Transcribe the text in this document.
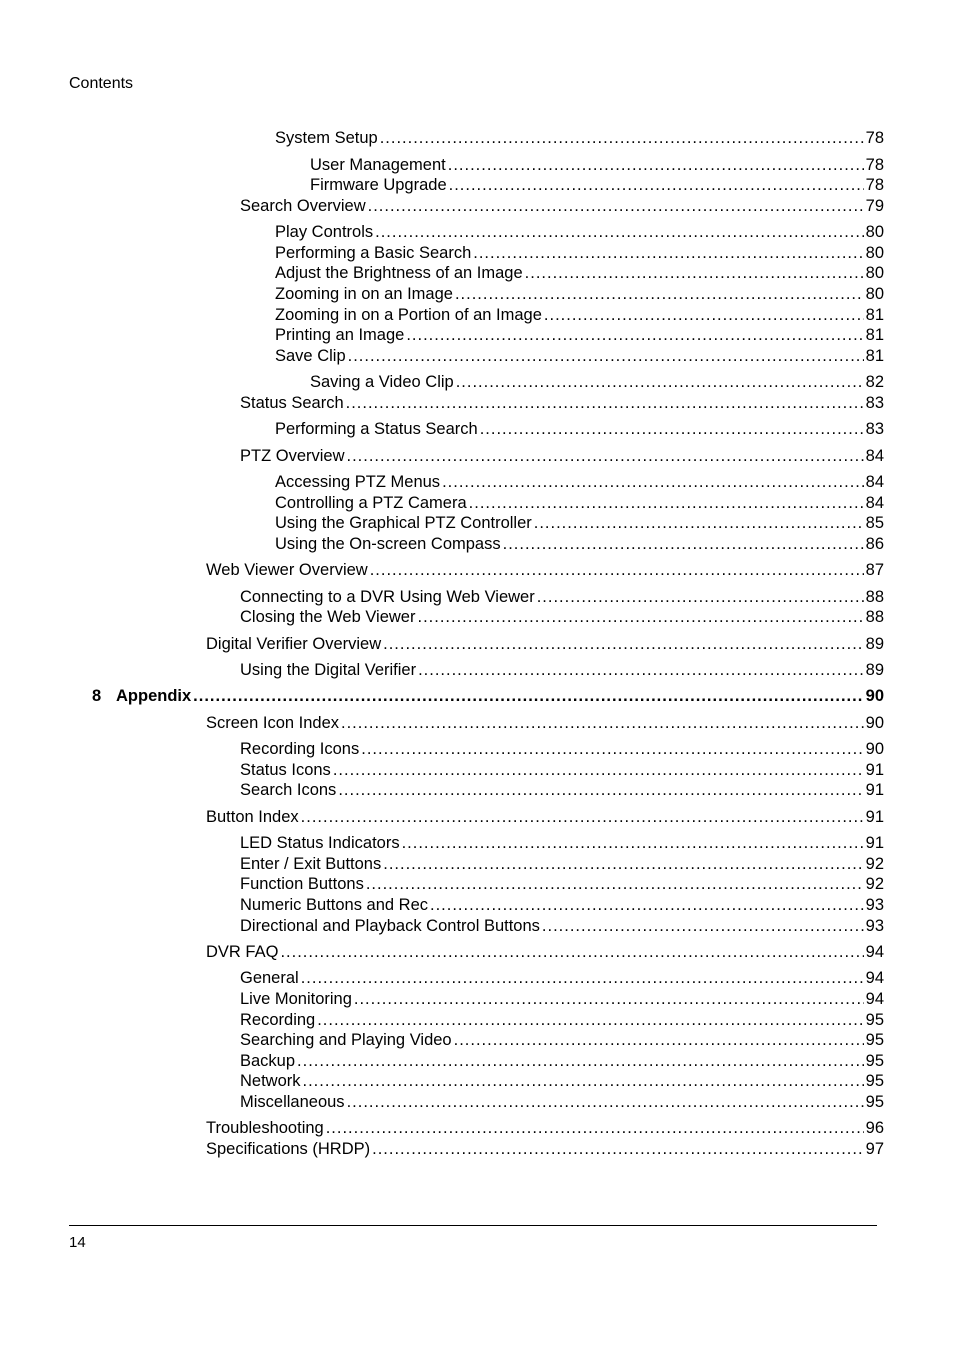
Contents
System Setup .....	78
User Management .....	78
Firmware Upgrade .....	78
Search Overview .....	79
Play Controls .....	80
Performing a Basic Search .....	80
Adjust the Brightness of an Image .....	80
Zooming in on an Image .....	80
Zooming in on a Portion of an Image .....	81
Printing an Image .....	81
Save Clip .....	81
Saving a Video Clip .....	82
Status Search .....	83
Performing a Status Search .....	83
PTZ Overview .....	84
Accessing PTZ Menus .....	84
Controlling a PTZ Camera .....	84
Using the Graphical PTZ Controller .....	85
Using the On-screen Compass .....	86
Web Viewer Overview .....	87
Connecting to a DVR Using Web Viewer .....	88
Closing the Web Viewer .....	88
Digital Verifier Overview .....	89
Using the Digital Verifier .....	89
8 Appendix .....	90
Screen Icon Index .....	90
Recording Icons .....	90
Status Icons .....	91
Search Icons .....	91
Button Index .....	91
LED Status Indicators .....	91
Enter / Exit Buttons .....	92
Function Buttons .....	92
Numeric Buttons and Rec .....	93
Directional and Playback Control Buttons .....	93
DVR FAQ .....	94
General .....	94
Live Monitoring .....	94
Recording .....	95
Searching and Playing Video .....	95
Backup .....	95
Network .....	95
Miscellaneous .....	95
Troubleshooting .....	96
Specifications (HRDP) .....	97
14
